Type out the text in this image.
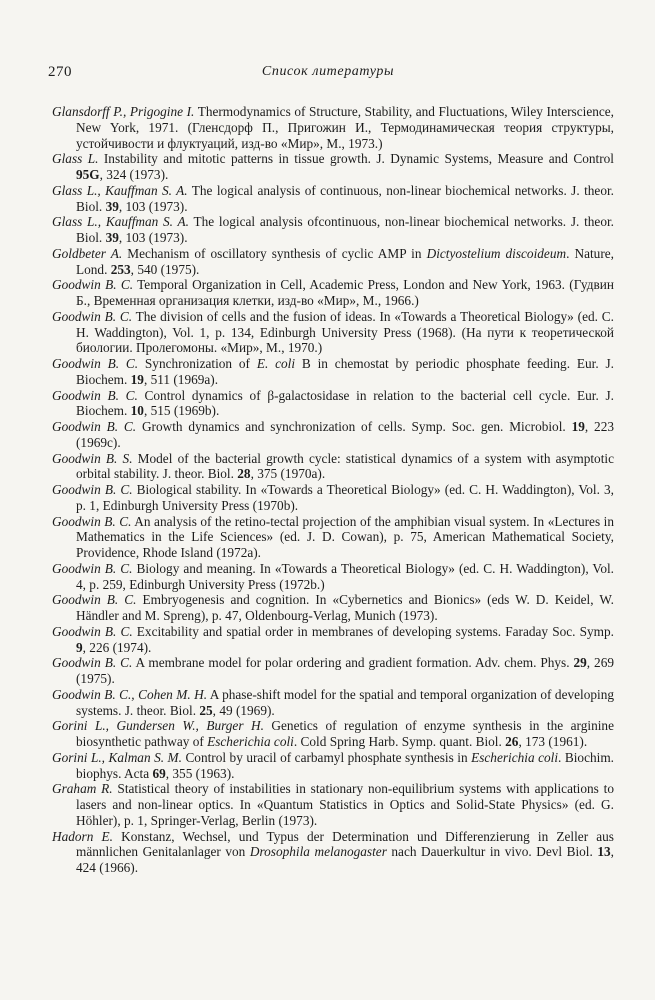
270	Список литературы
Glansdorff P., Prigogine I. Thermodynamics of Structure, Stability, and Fluctuations, Wiley Interscience, New York, 1971. (Гленсдорф П., Пригожин И., Термодинамическая теория структуры, устойчивости и флуктуаций, изд-во «Мир», М., 1973.)
Glass L. Instability and mitotic patterns in tissue growth. J. Dynamic Systems, Measure and Control 95G, 324 (1973).
Glass L., Kauffman S. A. The logical analysis of continuous, non-linear biochemical networks. J. theor. Biol. 39, 103 (1973).
Glass L., Kauffman S. A. The logical analysis ofcontinuous, non-linear biochemical networks. J. theor. Biol. 39, 103 (1973).
Goldbeter A. Mechanism of oscillatory synthesis of cyclic AMP in Dictyostelium discoideum. Nature, Lond. 253, 540 (1975).
Goodwin B. C. Temporal Organization in Cell, Academic Press, London and New York, 1963. (Гудвин Б., Временная организация клетки, изд-во «Мир», М., 1966.)
Goodwin B. C. The division of cells and the fusion of ideas. In «Towards a Theoretical Biology» (ed. C. H. Waddington), Vol. 1, p. 134, Edinburgh University Press (1968). (На пути к теоретической биологии. Пролегомоны. «Мир», М., 1970.)
Goodwin B. C. Synchronization of E. coli B in chemostat by periodic phosphate feeding. Eur. J. Biochem. 19, 511 (1969a).
Goodwin B. C. Control dynamics of β-galactosidase in relation to the bacterial cell cycle. Eur. J. Biochem. 10, 515 (1969b).
Goodwin B. C. Growth dynamics and synchronization of cells. Symp. Soc. gen. Microbiol. 19, 223 (1969c).
Goodwin B. S. Model of the bacterial growth cycle: statistical dynamics of a system with asymptotic orbital stability. J. theor. Biol. 28, 375 (1970a).
Goodwin B. C. Biological stability. In «Towards a Theoretical Biology» (ed. C. H. Waddington), Vol. 3, p. 1, Edinburgh University Press (1970b).
Goodwin B. C. An analysis of the retino-tectal projection of the amphibian visual system. In «Lectures in Mathematics in the Life Sciences» (ed. J. D. Cowan), p. 75, American Mathematical Society, Providence, Rhode Island (1972a).
Goodwin B. C. Biology and meaning. In «Towards a Theoretical Biology» (ed. C. H. Waddington), Vol. 4, p. 259, Edinburgh University Press (1972b.)
Goodwin B. C. Embryogenesis and cognition. In «Cybernetics and Bionics» (eds W. D. Keidel, W. Händler and M. Spreng), p. 47, Oldenbourg-Verlag, Munich (1973).
Goodwin B. C. Excitability and spatial order in membranes of developing systems. Faraday Soc. Symp. 9, 226 (1974).
Goodwin B. C. A membrane model for polar ordering and gradient formation. Adv. chem. Phys. 29, 269 (1975).
Goodwin B. C., Cohen M. H. A phase-shift model for the spatial and temporal organization of developing systems. J. theor. Biol. 25, 49 (1969).
Gorini L., Gundersen W., Burger H. Genetics of regulation of enzyme synthesis in the arginine biosynthetic pathway of Escherichia coli. Cold Spring Harb. Symp. quant. Biol. 26, 173 (1961).
Gorini L., Kalman S. M. Control by uracil of carbamyl phosphate synthesis in Escherichia coli. Biochim. biophys. Acta 69, 355 (1963).
Graham R. Statistical theory of instabilities in stationary non-equilibrium systems with applications to lasers and non-linear optics. In «Quantum Statistics in Optics and Solid-State Physics» (ed. G. Höhler), p. 1, Springer-Verlag, Berlin (1973).
Hadorn E. Konstanz, Wechsel, und Typus der Determination und Differenzierung in Zeller aus männlichen Genitalanlager von Drosophila melanogaster nach Dauerkultur in vivo. Devl Biol. 13, 424 (1966).
